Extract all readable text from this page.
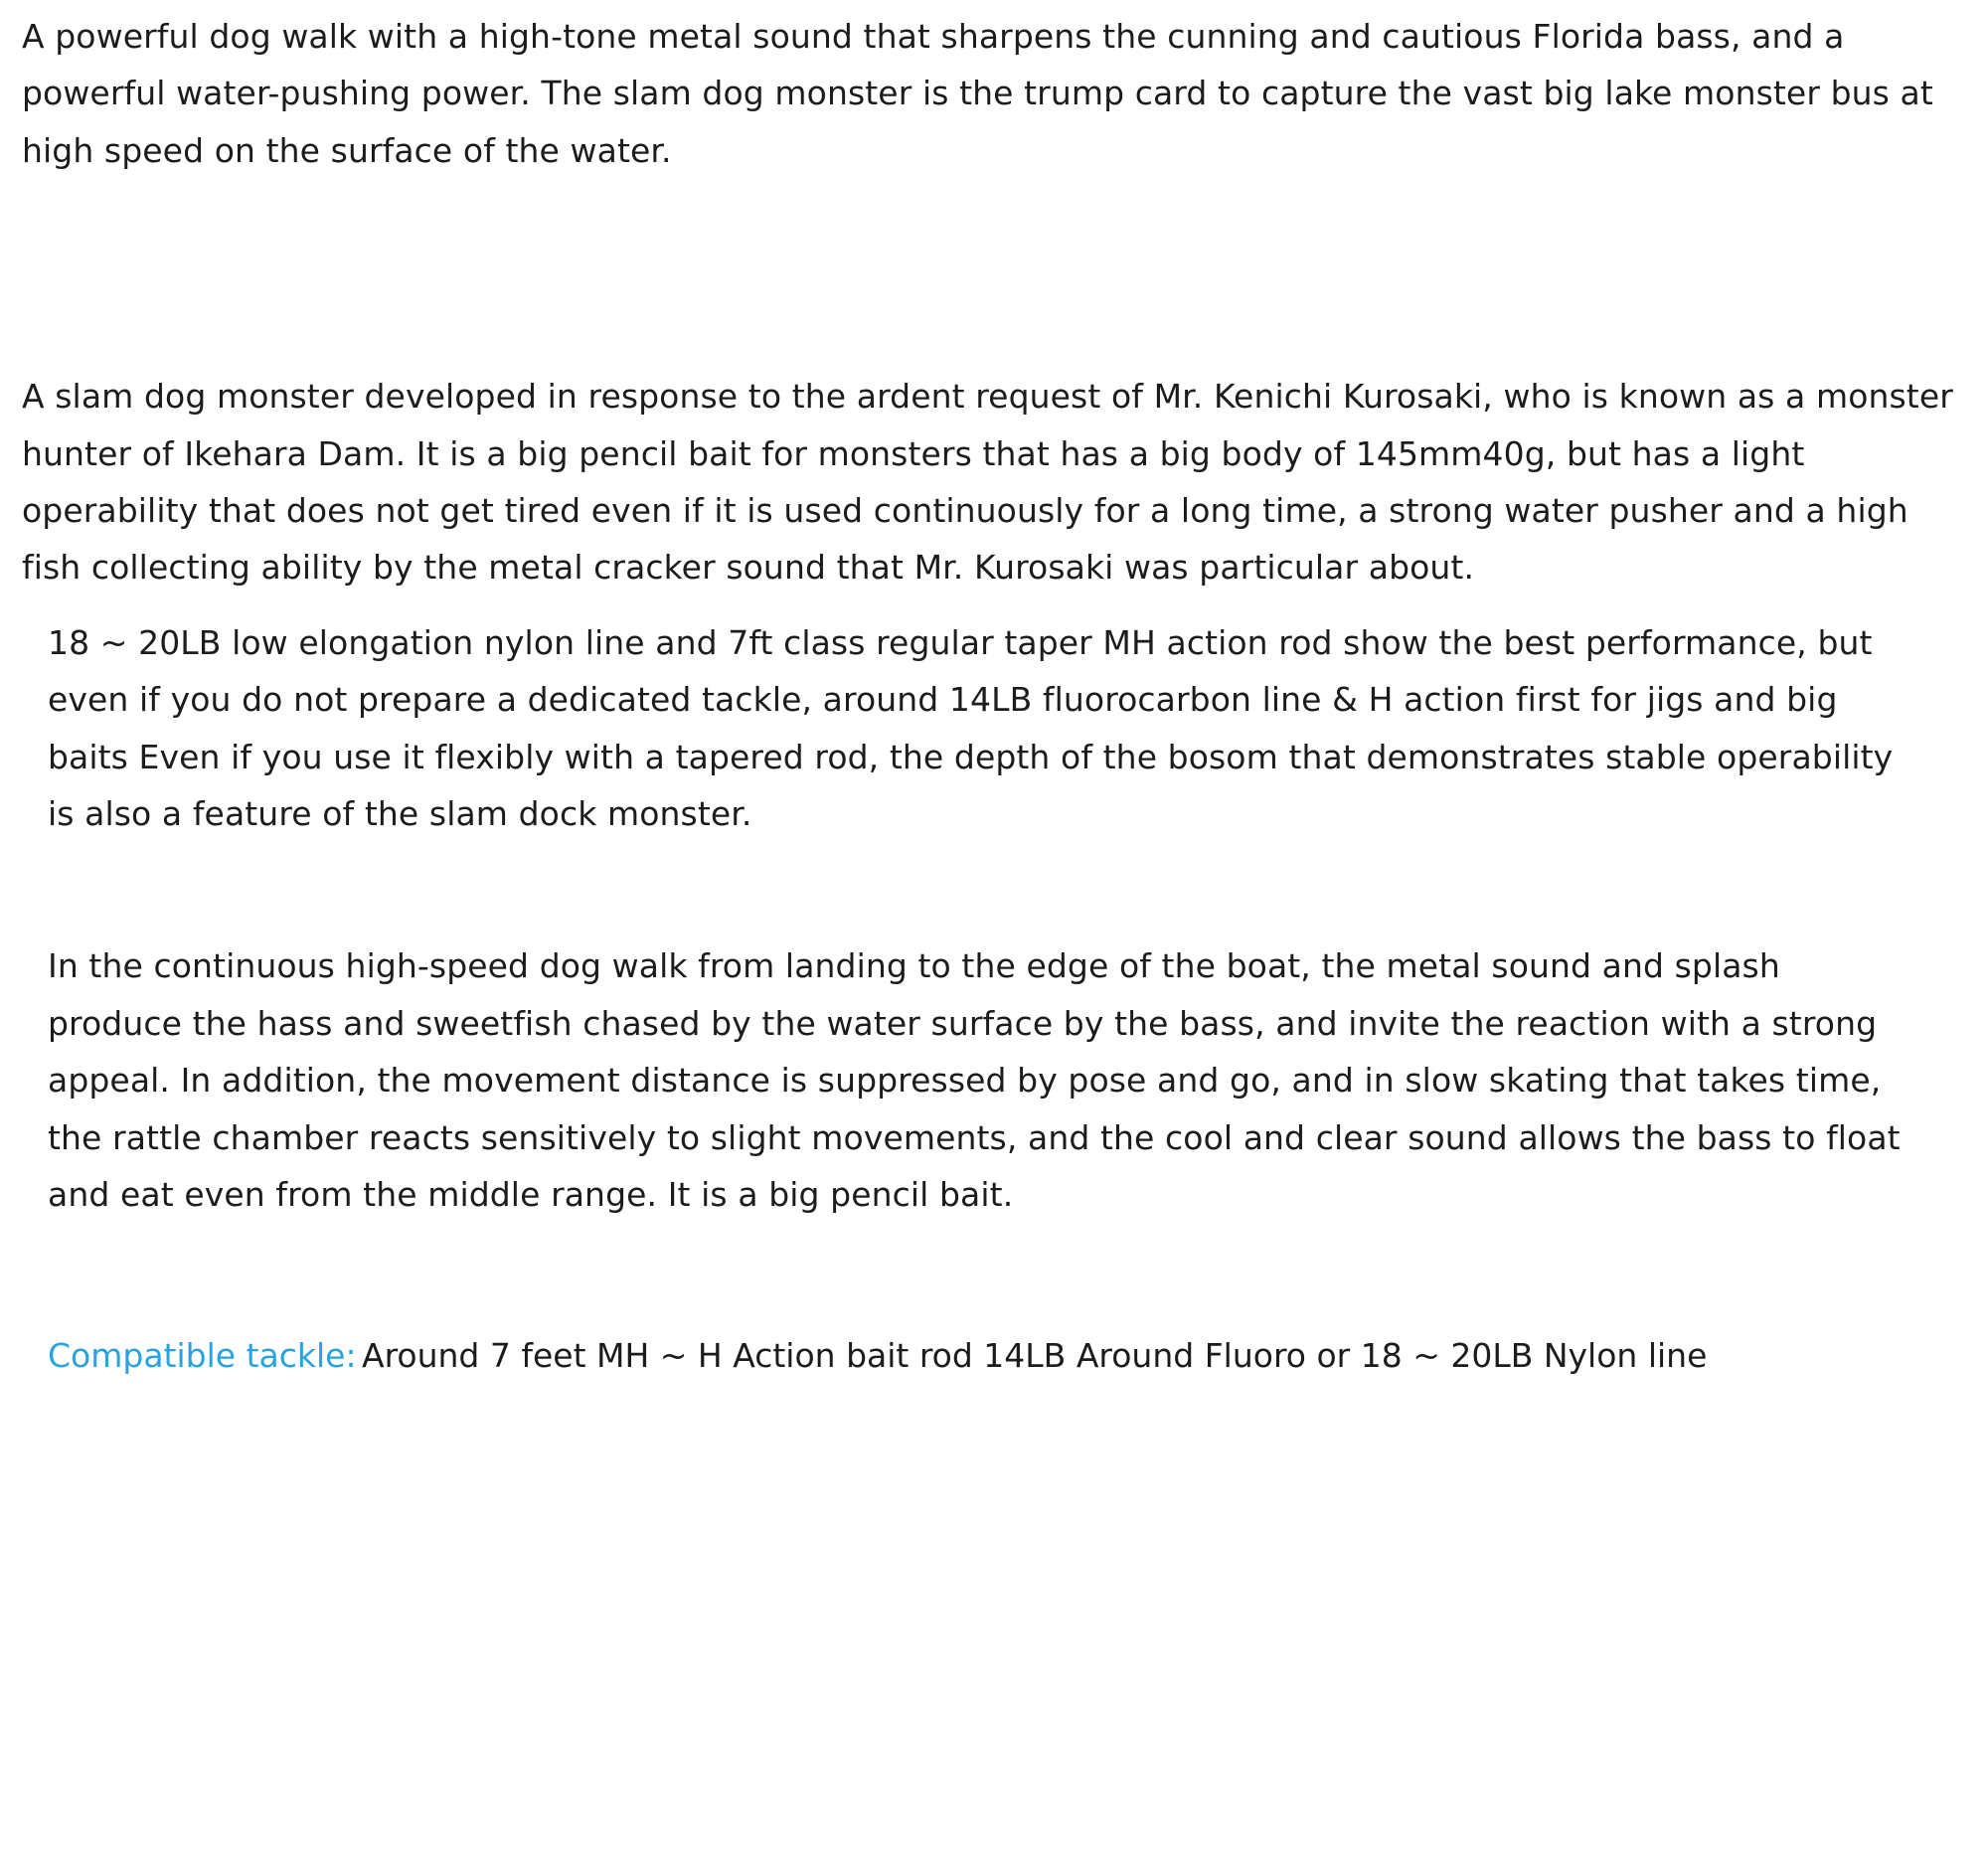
A powerful dog walk with a high-tone metal sound that sharpens the cunning and cautious Florida bass, and a powerful water-pushing power. The slam dog monster is the trump card to capture the vast big lake monster bus at high speed on the surface of the water.

A slam dog monster developed in response to the ardent request of Mr. Kenichi Kurosaki, who is known as a monster hunter of Ikehara Dam. It is a big pencil bait for monsters that has a big body of 145mm40g, but has a light operability that does not get tired even if it is used continuously for a long time, a strong water pusher and a high fish collecting ability by the metal cracker sound that Mr. Kurosaki was particular about.

18 ~ 20LB low elongation nylon line and 7ft class regular taper MH action rod show the best performance, but even if you do not prepare a dedicated tackle, around 14LB fluorocarbon line & H action first for jigs and big baits Even if you use it flexibly with a tapered rod, the depth of the bosom that demonstrates stable operability is also a feature of the slam dock monster.

In the continuous high-speed dog walk from landing to the edge of the boat, the metal sound and splash produce the hass and sweetfish chased by the water surface by the bass, and invite the reaction with a strong appeal. In addition, the movement distance is suppressed by pose and go, and in slow skating that takes time, the rattle chamber reacts sensitively to slight movements, and the cool and clear sound allows the bass to float and eat even from the middle range. It is a big pencil bait.

Compatible tackle:	Around 7 feet MH ~ H Action bait rod 14LB Around Fluoro or 18 ~ 20LB Nylon line
